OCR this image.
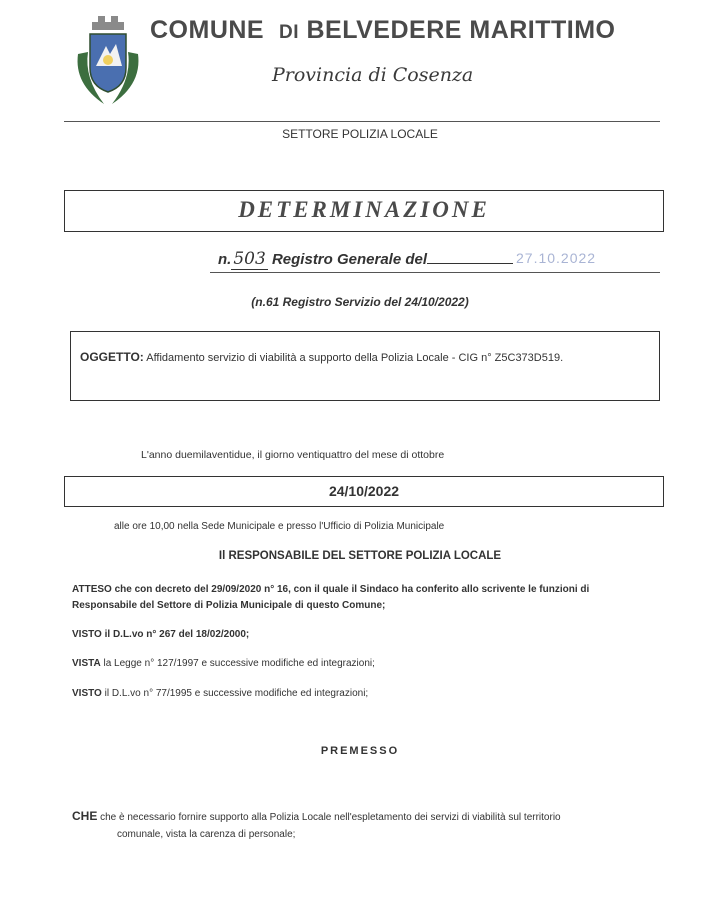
COMUNE DI BELVEDERE MARITTIMO
Provincia di Cosenza
SETTORE POLIZIA LOCALE
DETERMINAZIONE
n. 503 Registro Generale del	27.10.2022
(n.61 Registro Servizio del 24/10/2022)
OGGETTO: Affidamento servizio di viabilità a supporto della Polizia Locale - CIG n° Z5C373D519.
L'anno duemilaventidue, il giorno ventiquattro del mese di ottobre
24/10/2022
alle ore 10,00 nella Sede Municipale e presso l'Ufficio di Polizia Municipale
Il RESPONSABILE DEL SETTORE POLIZIA LOCALE
ATTESO che con decreto del 29/09/2020 n° 16, con il quale il Sindaco ha conferito allo scrivente le funzioni di
Responsabile del Settore di Polizia Municipale di questo Comune;
VISTO il D.L.vo n° 267 del 18/02/2000;
VISTA la Legge n° 127/1997 e successive modifiche ed integrazioni;
VISTO il D.L.vo n° 77/1995 e successive modifiche ed integrazioni;
PREMESSO
CHE che è necessario fornire supporto alla Polizia Locale nell'espletamento dei servizi di viabilità sul territorio
comunale, vista la carenza di personale;
